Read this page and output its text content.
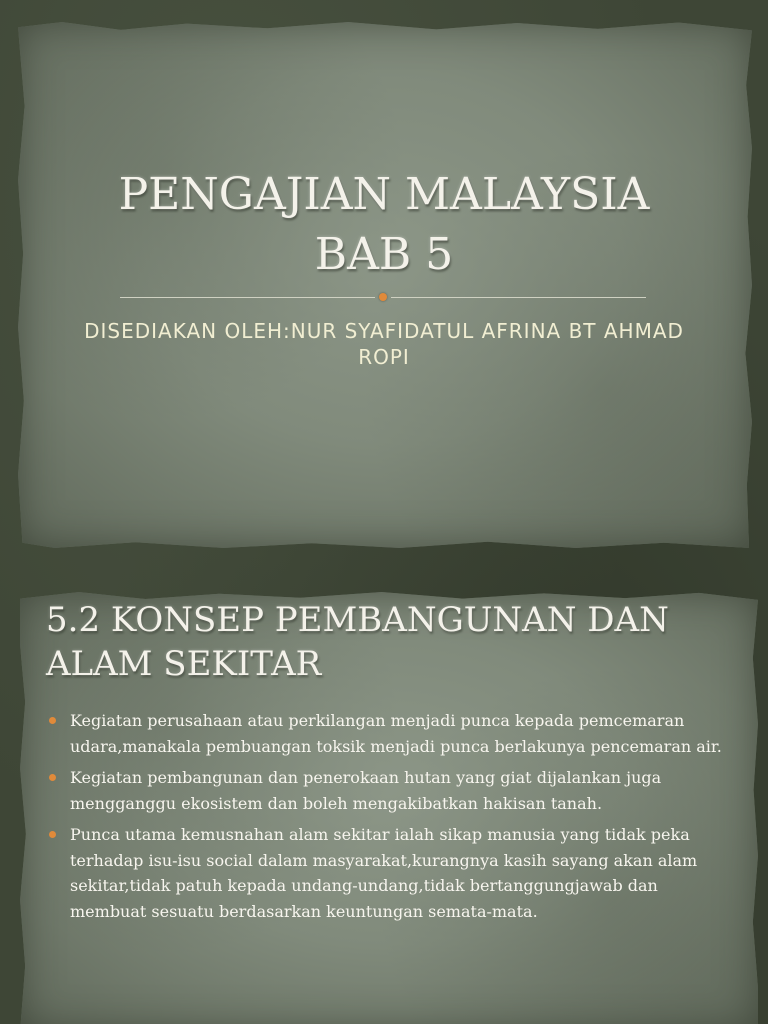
PENGAJIAN MALAYSIA
BAB 5
DISEDIAKAN OLEH:NUR SYAFIDATUL AFRINA BT AHMAD
ROPI
5.2 KONSEP PEMBANGUNAN DAN
ALAM SEKITAR
Kegiatan perusahaan atau perkilangan menjadi punca kepada pemcemaran udara,manakala pembuangan toksik menjadi punca berlakunya pencemaran air.
Kegiatan pembangunan dan penerokaan hutan yang giat dijalankan juga mengganggu ekosistem dan boleh mengakibatkan hakisan tanah.
Punca utama kemusnahan alam sekitar ialah sikap manusia yang tidak peka terhadap isu-isu social dalam masyarakat,kurangnya kasih sayang akan alam sekitar,tidak patuh kepada undang-undang,tidak bertanggungjawab dan membuat sesuatu berdasarkan keuntungan semata-mata.
